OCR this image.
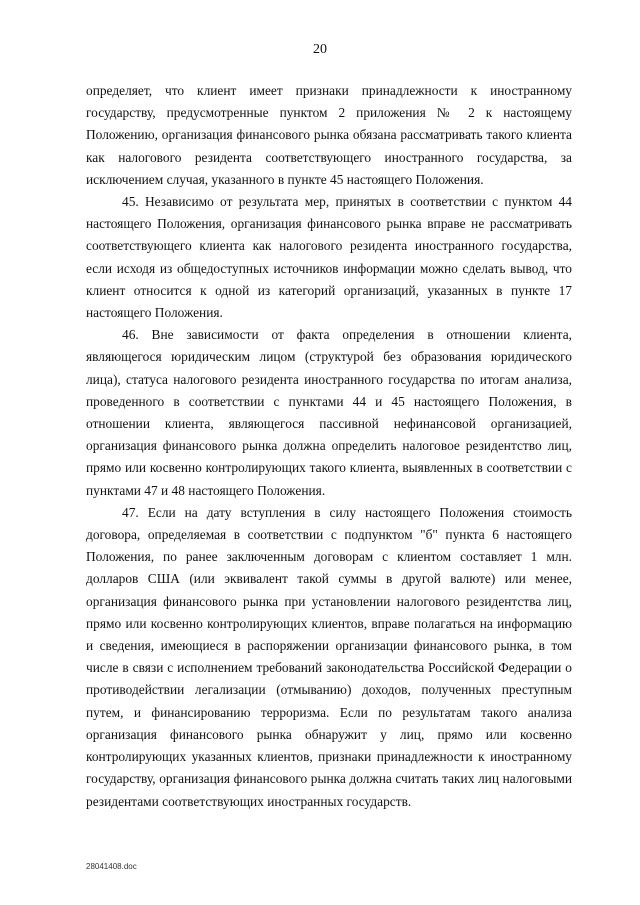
20

определяет, что клиент имеет признаки принадлежности к иностранному государству, предусмотренные пунктом 2 приложения № 2 к настоящему Положению, организация финансового рынка обязана рассматривать такого клиента как налогового резидента соответствующего иностранного государства, за исключением случая, указанного в пункте 45 настоящего Положения.

45. Независимо от результата мер, принятых в соответствии с пунктом 44 настоящего Положения, организация финансового рынка вправе не рассматривать соответствующего клиента как налогового резидента иностранного государства, если исходя из общедоступных источников информации можно сделать вывод, что клиент относится к одной из категорий организаций, указанных в пункте 17 настоящего Положения.

46. Вне зависимости от факта определения в отношении клиента, являющегося юридическим лицом (структурой без образования юридического лица), статуса налогового резидента иностранного государства по итогам анализа, проведенного в соответствии с пунктами 44 и 45 настоящего Положения, в отношении клиента, являющегося пассивной нефинансовой организацией, организация финансового рынка должна определить налоговое резидентство лиц, прямо или косвенно контролирующих такого клиента, выявленных в соответствии с пунктами 47 и 48 настоящего Положения.

47. Если на дату вступления в силу настоящего Положения стоимость договора, определяемая в соответствии с подпунктом "б" пункта 6 настоящего Положения, по ранее заключенным договорам с клиентом составляет 1 млн. долларов США (или эквивалент такой суммы в другой валюте) или менее, организация финансового рынка при установлении налогового резидентства лиц, прямо или косвенно контролирующих клиентов, вправе полагаться на информацию и сведения, имеющиеся в распоряжении организации финансового рынка, в том числе в связи с исполнением требований законодательства Российской Федерации о противодействии легализации (отмыванию) доходов, полученных преступным путем, и финансированию терроризма. Если по результатам такого анализа организация финансового рынка обнаружит у лиц, прямо или косвенно контролирующих указанных клиентов, признаки принадлежности к иностранному государству, организация финансового рынка должна считать таких лиц налоговыми резидентами соответствующих иностранных государств.

28041408.doc
